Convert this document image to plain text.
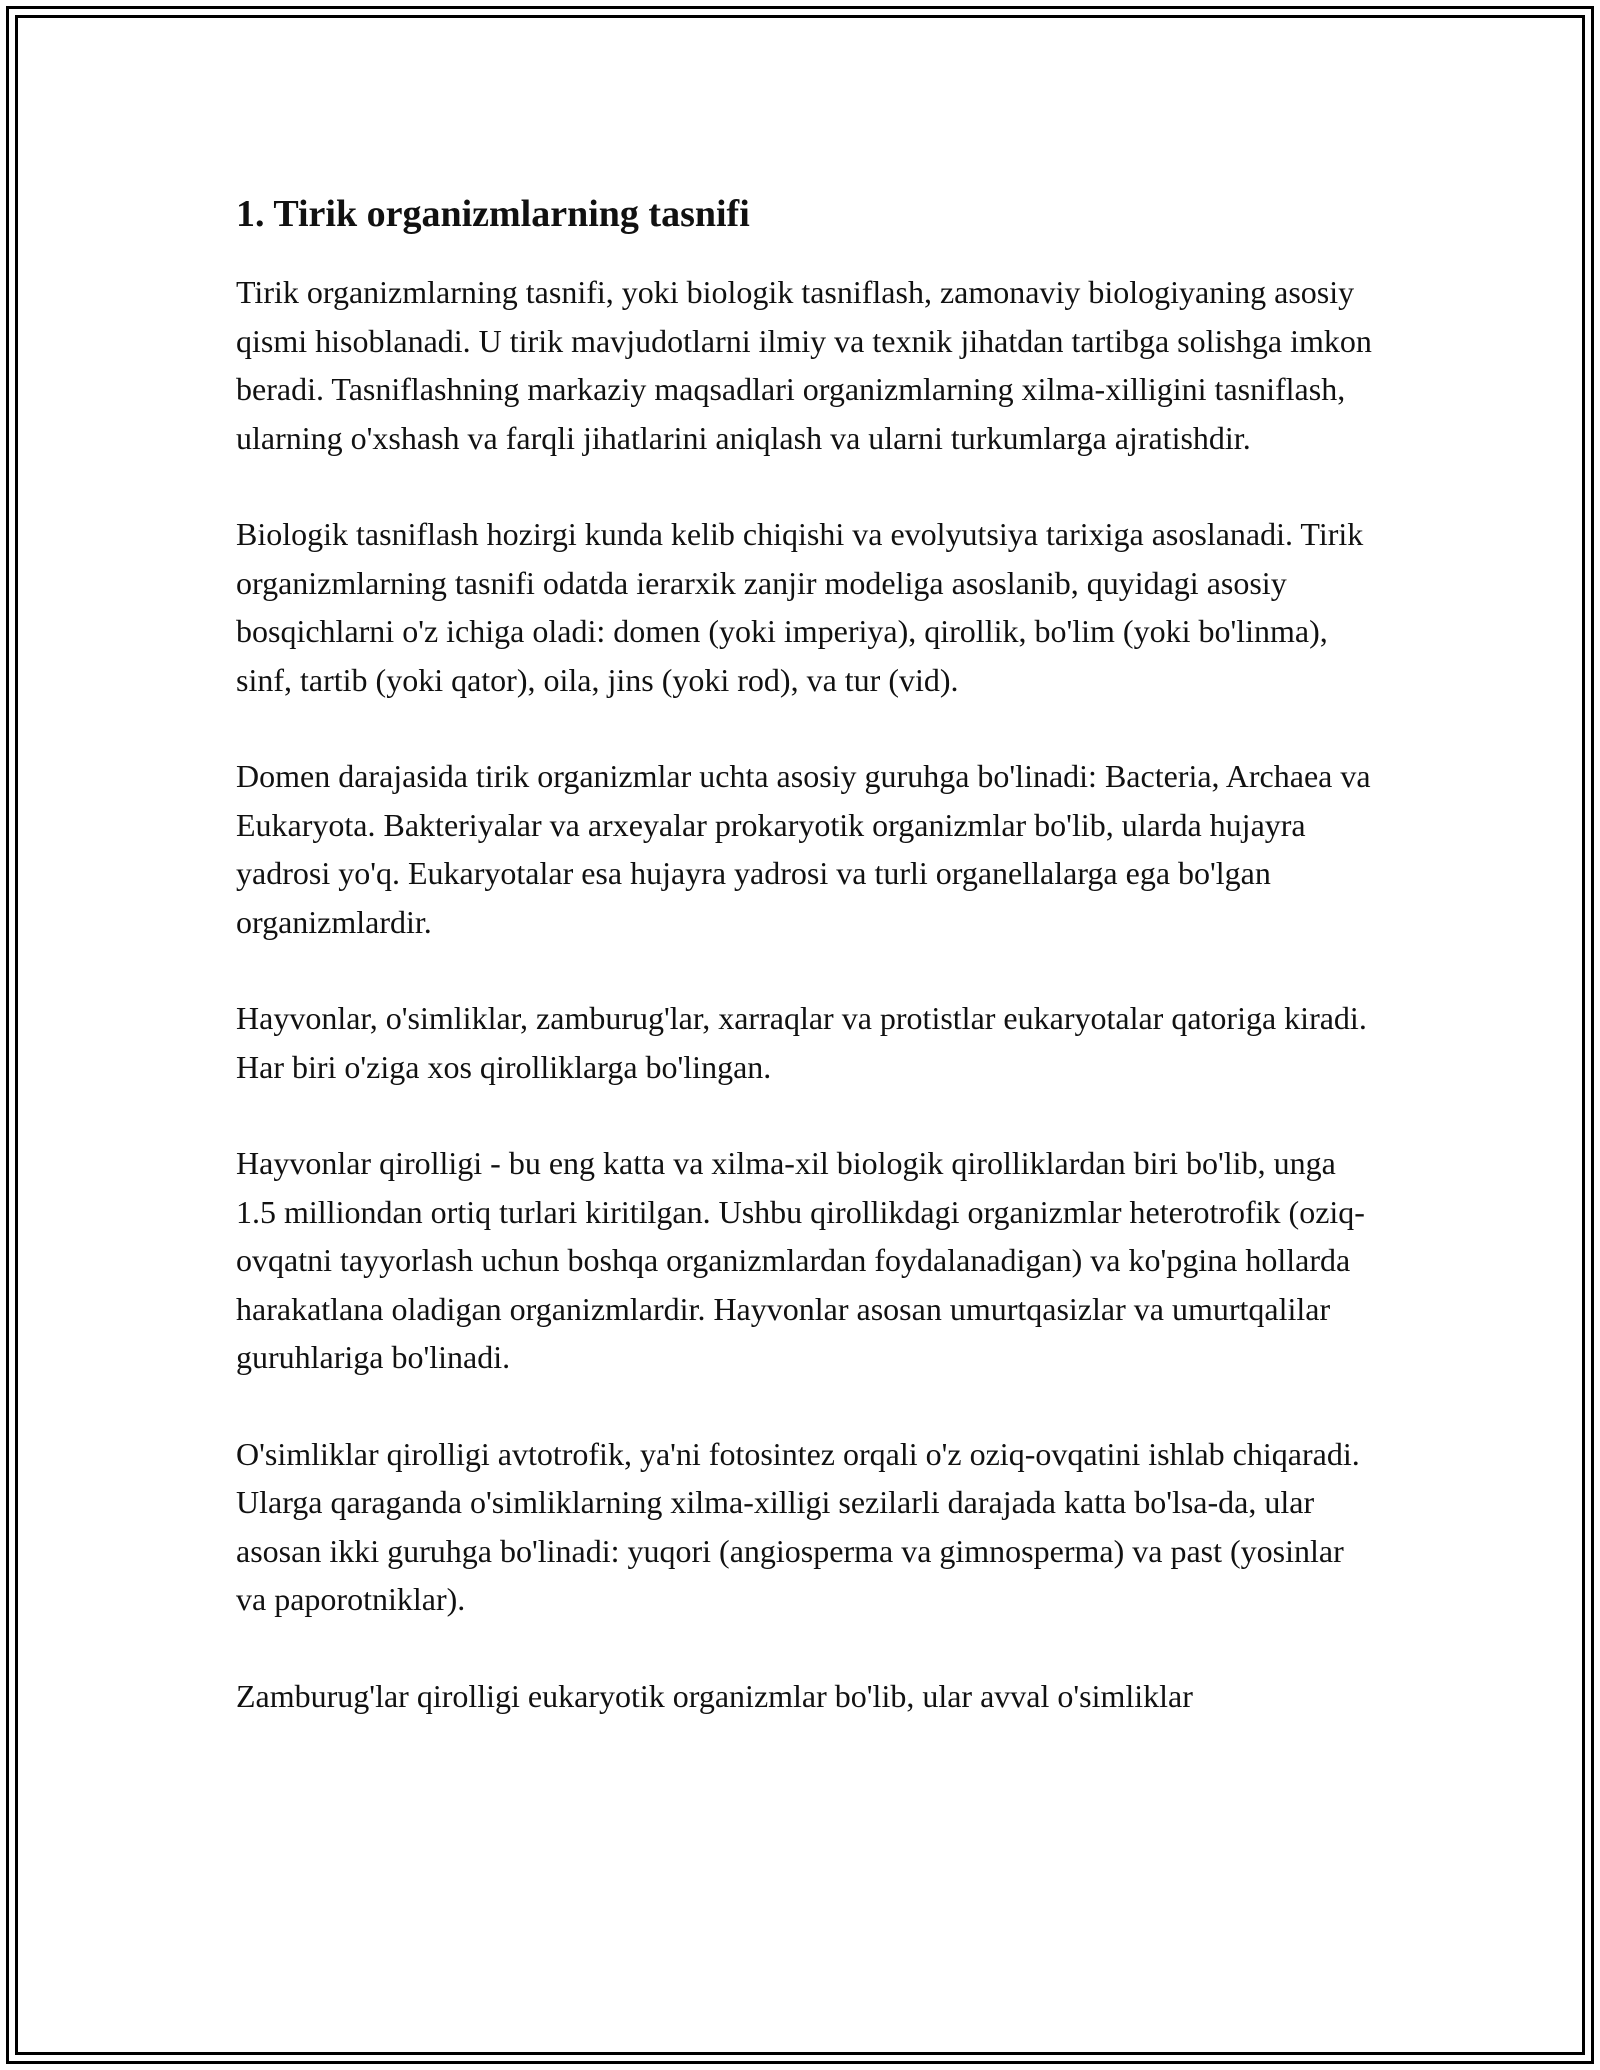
1. Tirik organizmlarning tasnifi

Tirik organizmlarning tasnifi, yoki biologik tasniflash, zamonaviy biologiyaning asosiy qismi hisoblanadi. U tirik mavjudotlarni ilmiy va texnik jihatdan tartibga solishga imkon beradi. Tasniflashning markaziy maqsadlari organizmlarning xilma-xilligini tasniflash, ularning o'xshash va farqli jihatlarini aniqlash va ularni turkumlarga ajratishdir.

Biologik tasniflash hozirgi kunda kelib chiqishi va evolyutsiya tarixiga asoslanadi. Tirik organizmlarning tasnifi odatda ierarxik zanjir modeliga asoslanib, quyidagi asosiy bosqichlarni o'z ichiga oladi: domen (yoki imperiya), qirollik, bo'lim (yoki bo'linma), sinf, tartib (yoki qator), oila, jins (yoki rod), va tur (vid).

Domen darajasida tirik organizmlar uchta asosiy guruhga bo'linadi: Bacteria, Archaea va Eukaryota. Bakteriyalar va arxeyalar prokaryotik organizmlar bo'lib, ularda hujayra yadrosi yo'q. Eukaryotalar esa hujayra yadrosi va turli organellalarga ega bo'lgan organizmlardir.

Hayvonlar, o'simliklar, zamburug'lar, xarraqlar va protistlar eukaryotalar qatoriga kiradi. Har biri o'ziga xos qirolliklarga bo'lingan.

Hayvonlar qirolligi - bu eng katta va xilma-xil biologik qirolliklardan biri bo'lib, unga 1.5 milliondan ortiq turlari kiritilgan. Ushbu qirollikdagi organizmlar heterotrofik (oziq-ovqatni tayyorlash uchun boshqa organizmlardan foydalanadigan) va ko'pgina hollarda harakatlana oladigan organizmlardir. Hayvonlar asosan umurtqasizlar va umurtqalilar guruhlariga bo'linadi.

O'simliklar qirolligi avtotrofik, ya'ni fotosintez orqali o'z oziq-ovqatini ishlab chiqaradi. Ularga qaraganda o'simliklarning xilma-xilligi sezilarli darajada katta bo'lsa-da, ular asosan ikki guruhga bo'linadi: yuqori (angiosperma va gimnosperma) va past (yosinlar va paporotniklar).

Zamburug'lar qirolligi eukaryotik organizmlar bo'lib, ular avval o'simliklar
